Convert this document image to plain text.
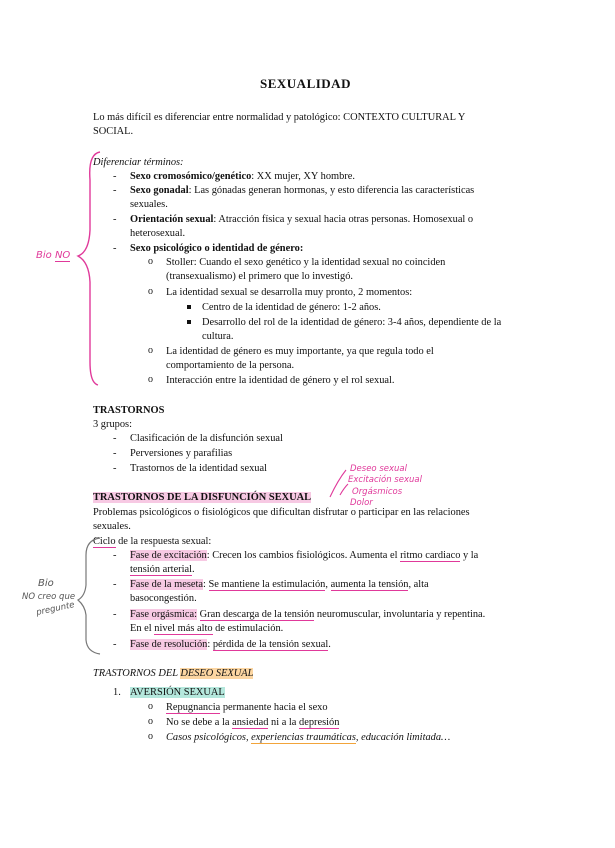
SEXUALIDAD
Lo más difícil es diferenciar entre normalidad y patológico: CONTEXTO CULTURAL Y
SOCIAL.
Diferenciar términos:
- Sexo cromosómico/genético: XX mujer, XY hombre.
- Sexo gonadal: Las gónadas generan hormonas, y esto diferencia las características
sexuales.
- Orientación sexual: Atracción física y sexual hacia otras personas. Homosexual o
heterosexual.
- Sexo psicológico o identidad de género:
o Stoller: Cuando el sexo genético y la identidad sexual no coinciden
(transexualismo) el primero que lo investigó.
o La identidad sexual se desarrolla muy pronto, 2 momentos:
Centro de la identidad de género: 1-2 años.
Desarrollo del rol de la identidad de género: 3-4 años, dependiente de la
cultura.
o La identidad de género es muy importante, ya que regula todo el
comportamiento de la persona.
o Interacción entre la identidad de género y el rol sexual.
TRASTORNOS
3 grupos:
- Clasificación de la disfunción sexual
- Perversiones y parafilias
- Trastornos de la identidad sexual
TRASTORNOS DE LA DISFUNCIÓN SEXUAL
Problemas psicológicos o fisiológicos que dificultan disfrutar o participar en las relaciones
sexuales.
Ciclo de la respuesta sexual:
- Fase de excitación: Crecen los cambios fisiológicos. Aumenta el ritmo cardiaco y la
tensión arterial.
- Fase de la meseta: Se mantiene la estimulación, aumenta la tensión, alta
basocongestión.
- Fase orgásmica: Gran descarga de la tensión neuromuscular, involuntaria y repentina.
En el nivel más alto de estimulación.
- Fase de resolución: pérdida de la tensión sexual.
TRASTORNOS DEL DESEO SEXUAL
1. AVERSIÓN SEXUAL
o Repugnancia permanente hacia el sexo
o No se debe a la ansiedad ni a la depresión
o Casos psicológicos, experiencias traumáticas, educación limitada…
Bio NO
Bio
NO creo que
pregunte
Deseo sexual
Excitación sexual
Orgásmicos
Dolor
